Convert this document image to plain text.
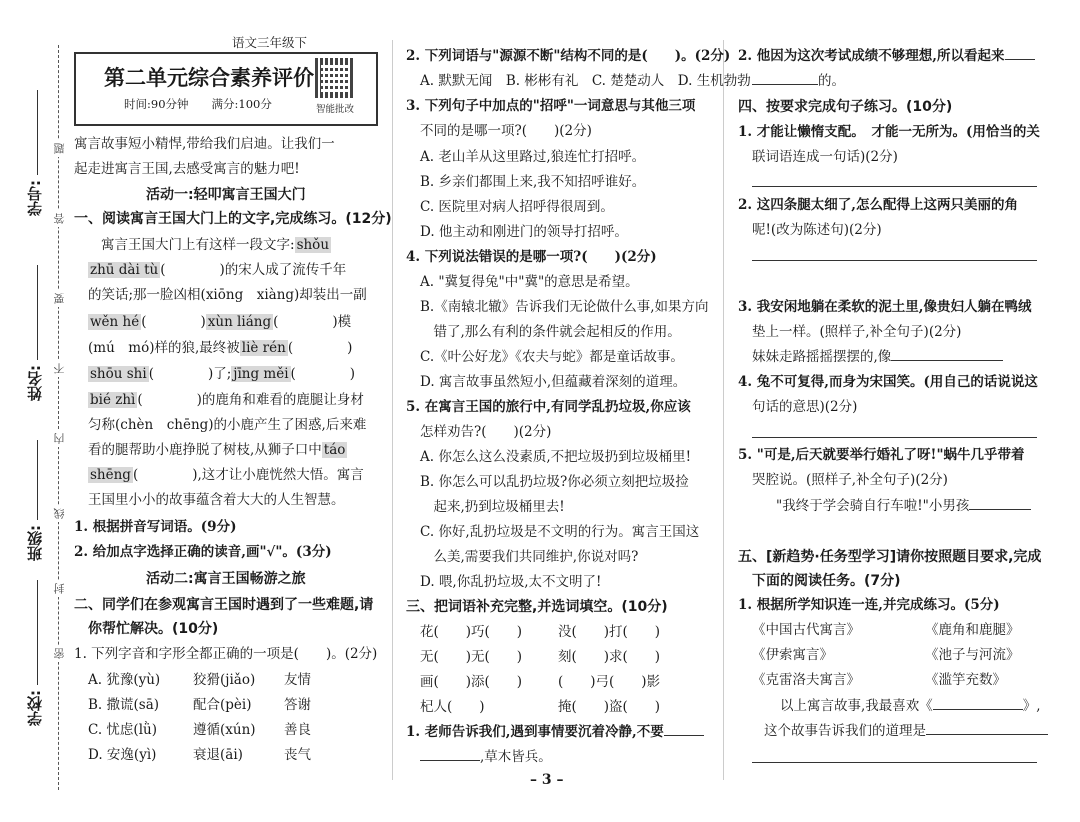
题
答
要
不
内
线
封
密
学号:
姓名:
班级:
学校:
语文三年级下
第二单元综合素养评价
时间:90分钟　　满分:100分	智能批改
寓言故事短小精悍,带给我们启迪。让我们一
起走进寓言王国,去感受寓言的魅力吧!
活动一:轻叩寓言王国大门
一、阅读寓言王国大门上的文字,完成练习。(12分)
　　寓言王国大门上有这样一段文字: shǒu
zhū dài tù (　　　　)的宋人成了流传千年
的笑话;那一脸凶相(xiōng　xiàng)却装出一副
wěn hé (　　　　) xùn liáng (　　　　)模
(mú　mó)样的狼,最终被 liè rén (　　　　)
shōu shi (　　　　)了; jīng měi (　　　　)
bié zhì (　　　　)的鹿角和难看的鹿腿让身材
匀称(chèn　chēng)的小鹿产生了困惑,后来难
看的腿帮助小鹿挣脱了树枝,从狮子口中 táo
shēng (　　　　),这才让小鹿恍然大悟。寓言
王国里小小的故事蕴含着大大的人生智慧。
1. 根据拼音写词语。(9分)
2. 给加点字选择正确的读音,画"√"。(3分)
活动二:寓言王国畅游之旅
二、同学们在参观寓言王国时遇到了一些难题,请
你帮忙解决。(10分)
1. 下列字音和字形全都正确的一项是(　　)。(2分)
A. 犹豫(yù) 狡猾(jiǎo) 友情
B. 撒谎(sā)	配合(pèi) 答谢
C. 忧虑(lǜ)	遵循(xún) 善良
D. 安逸(yì)	衰退(āi)	丧气
2. 下列词语与"源源不断"结构不同的是(　　)。(2分)
A. 默默无闻　B. 彬彬有礼　C. 楚楚动人　D. 生机勃勃
3. 下列句子中加点的"招呼"一词意思与其他三项
不同的是哪一项?(　　)(2分)
A. 老山羊从这里路过,狼连忙打招呼。
B. 乡亲们都围上来,我不知招呼谁好。
C. 医院里对病人招呼得很周到。
D. 他主动和刚进门的领导打招呼。
4. 下列说法错误的是哪一项?(　　)(2分)
A. "冀复得兔"中"冀"的意思是希望。
B.《南辕北辙》告诉我们无论做什么事,如果方向
　错了,那么有利的条件就会起相反的作用。
C.《叶公好龙》《农夫与蛇》都是童话故事。
D. 寓言故事虽然短小,但蕴藏着深刻的道理。
5. 在寓言王国的旅行中,有同学乱扔垃圾,你应该
怎样劝告?(　　)(2分)
A. 你怎么这么没素质,不把垃圾扔到垃圾桶里!
B. 你怎么可以乱扔垃圾?你必须立刻把垃圾捡
　起来,扔到垃圾桶里去!
C. 你好,乱扔垃圾是不文明的行为。寓言王国这
　么美,需要我们共同维护,你说对吗?
D. 喂,你乱扔垃圾,太不文明了!
三、把词语补充完整,并选词填空。(10分)
花(　　)巧(　　)	没(　　)打(　　)
无(　　)无(　　)	刻(　　)求(　　)
画(　　)添(　　)	(　　)弓(　　)影
杞人(　　)	掩(　　)盗(　　)
1. 老师告诉我们,遇到事情要沉着冷静,不要
,草木皆兵。
2. 他因为这次考试成绩不够理想,所以看起来
的。
四、按要求完成句子练习。(10分)
1. 才能让懒惰支配。　才能一无所为。(用恰当的关
联词语连成一句话)(2分)
2. 这四条腿太细了,怎么配得上这两只美丽的角
呢!(改为陈述句)(2分)
3. 我安闲地躺在柔软的泥土里,像贵妇人躺在鸭绒
垫上一样。(照样子,补全句子)(2分)
妹妹走路摇摇摆摆的,像
4. 兔不可复得,而身为宋国笑。(用自己的话说说这
句话的意思)(2分)
5. "可是,后天就要举行婚礼了呀!"蜗牛几乎带着
哭腔说。(照样子,补全句子)(2分)
"我终于学会骑自行车啦!"小男孩
五、[新趋势·任务型学习]请你按照题目要求,完成
下面的阅读任务。(7分)
1. 根据所学知识连一连,并完成练习。(5分)
《中国古代寓言》	《鹿角和鹿腿》
《伊索寓言》	《池子与河流》
《克雷洛夫寓言》	《滥竽充数》
以上寓言故事,我最喜欢《	》,
这个故事告诉我们的道理是
– 3 –
